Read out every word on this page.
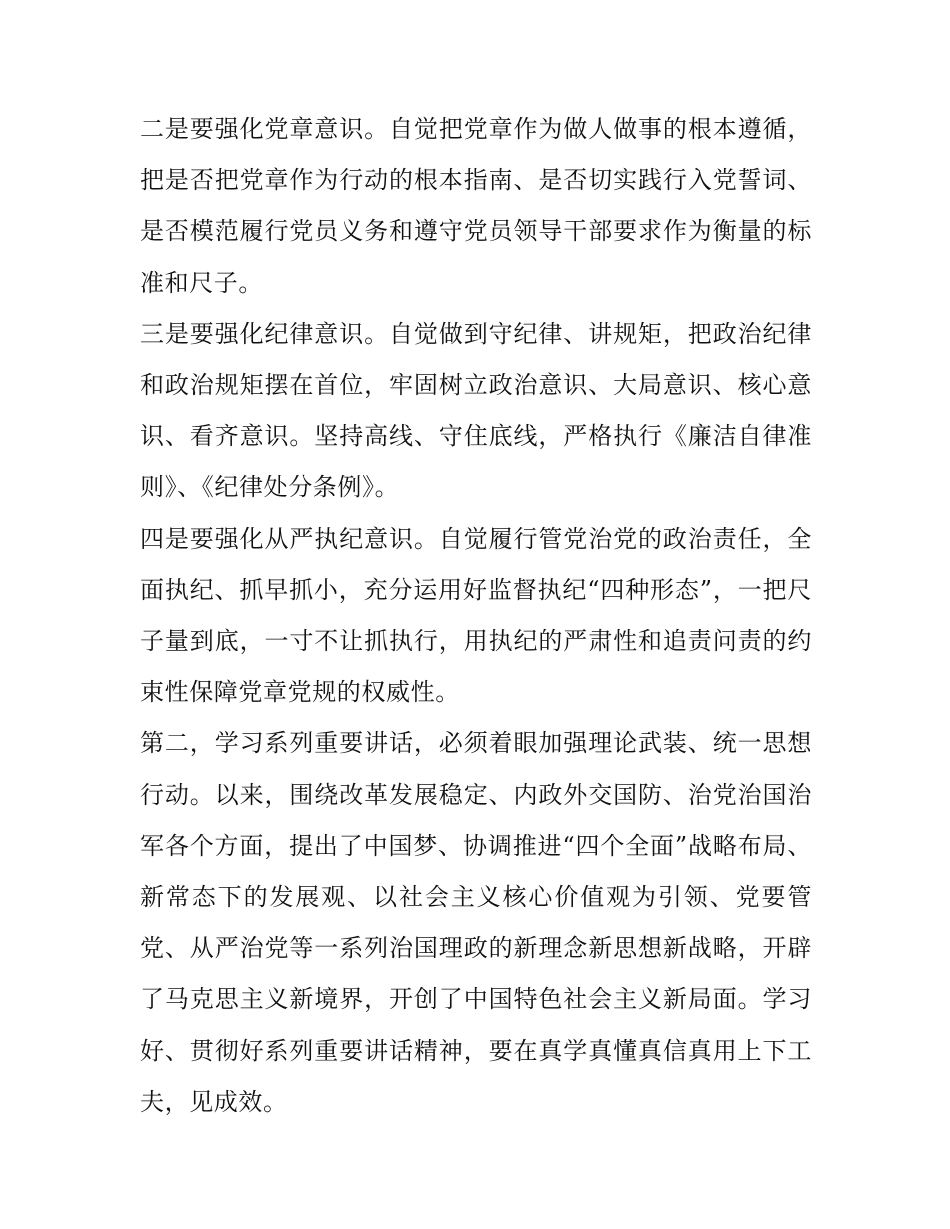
二是要强化党章意识。自觉把党章作为做人做事的根本遵循，把是否把党章作为行动的根本指南、是否切实践行入党誓词、是否模范履行党员义务和遵守党员领导干部要求作为衡量的标准和尺子。

三是要强化纪律意识。自觉做到守纪律、讲规矩，把政治纪律和政治规矩摆在首位，牢固树立政治意识、大局意识、核心意识、看齐意识。坚持高线、守住底线，严格执行《廉洁自律准则》、《纪律处分条例》。

四是要强化从严执纪意识。自觉履行管党治党的政治责任，全面执纪、抓早抓小，充分运用好监督执纪“四种形态”，一把尺子量到底，一寸不让抓执行，用执纪的严肃性和追责问责的约束性保障党章党规的权威性。

第二，学习系列重要讲话，必须着眼加强理论武装、统一思想行动。以来，围绕改革发展稳定、内政外交国防、治党治国治军各个方面，提出了中国梦、协调推进“四个全面”战略布局、新常态下的发展观、以社会主义核心价值观为引领、党要管党、从严治党等一系列治国理政的新理念新思想新战略，开辟了马克思主义新境界，开创了中国特色社会主义新局面。学习好、贯彻好系列重要讲话精神，要在真学真懂真信真用上下工夫，见成效。
